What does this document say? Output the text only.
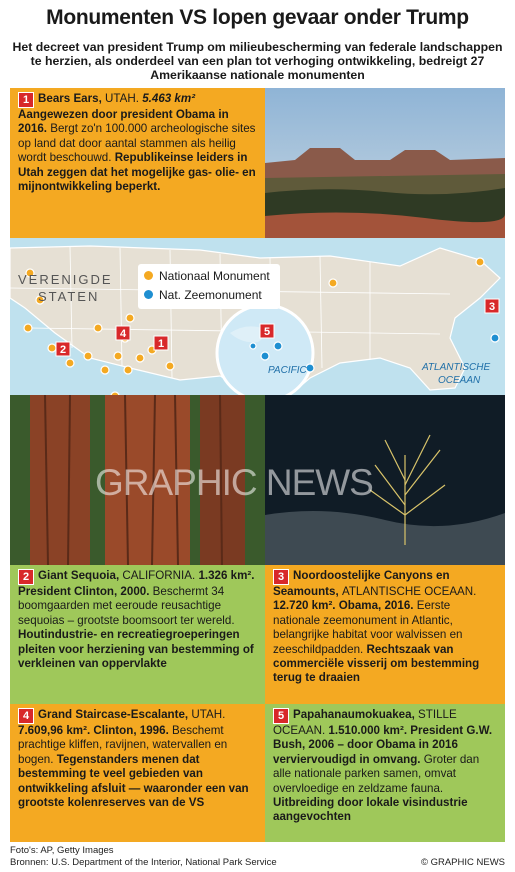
Monumenten VS lopen gevaar onder Trump
Het decreet van president Trump om milieubescherming van federale landschappen te herzien, als onderdeel van een plan tot verhoging ontwikkeling, bedreigt 27 Amerikaanse nationale monumenten
1 Bears Ears, UTAH. 5.463 km² Aangewezen door president Obama in 2016. Bergt zo'n 100.000 archeologische sites op land dat door aantal stammen als heilig wordt beschouwd. Republikeinse leiders in Utah zeggen dat het mogelijke gas- olie- en mijnontwikkeling beperkt.
VERENIGDE
STATEN
PACIFIC	ATLANTISCHE
OCEAAN
1
2
3
4	5
Nationaal Monument
Nat. Zeemonument
GRAPHIC NEWS
2 Giant Sequoia, CALIFORNIA. 1.326 km². President Clinton, 2000. Beschermt 34 boomgaarden met eeroude reusachtige sequoias – grootste boomsoort ter wereld. Houtindustrie- en recreatiegroeperingen pleiten voor herziening van bestemming of verkleinen van oppervlakte
3 Noordoostelijke Canyons en Seamounts, ATLANTISCHE OCEAAN. 12.720 km². Obama, 2016. Eerste nationale zeemonument in Atlantic, belangrijke habitat voor walvissen en zeeschildpadden. Rechtszaak van commerciële visserij om bestemming terug te draaien
4 Grand Staircase-Escalante, UTAH. 7.609,96 km². Clinton, 1996. Beschemt prachtige kliffen, ravijnen, watervallen en bogen. Tegenstanders menen dat bestemming te veel gebieden van ontwikkeling afsluit — waaronder een van grootste kolenreserves van de VS
5 Papahanaumokuakea, STILLE OCEAAN. 1.510.000 km². President G.W. Bush, 2006 – door Obama in 2016 verviervoudigd in omvang. Groter dan alle nationale parken samen, omvat overvloedige en zeldzame fauna. Uitbreiding door lokale visindustrie aangevochten
Foto's: AP, Getty Images
Bronnen: U.S. Department of the Interior, National Park Service	© GRAPHIC NEWS
